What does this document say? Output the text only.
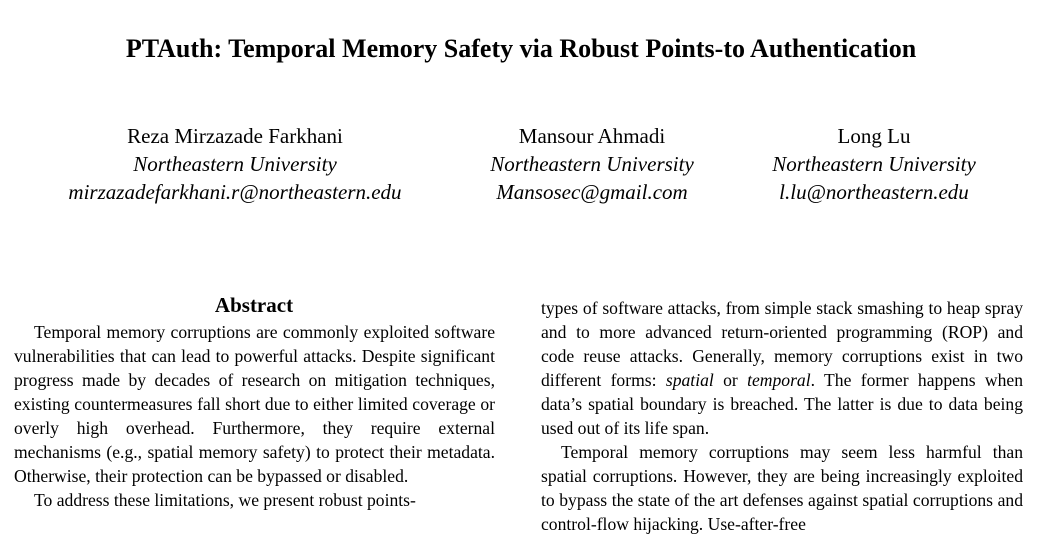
PTAuth: Temporal Memory Safety via Robust Points-to Authentication
Reza Mirzazade Farkhani
Northeastern University
mirzazadefarkhani.r@northeastern.edu
Mansour Ahmadi
Northeastern University
Mansosec@gmail.com
Long Lu
Northeastern University
l.lu@northeastern.edu
Abstract

Temporal memory corruptions are commonly exploited software vulnerabilities that can lead to powerful attacks. Despite significant progress made by decades of research on mitigation techniques, existing countermeasures fall short due to either limited coverage or overly high overhead. Furthermore, they require external mechanisms (e.g., spatial memory safety) to protect their metadata. Otherwise, their protection can be bypassed or disabled.

To address these limitations, we present robust points-

types of software attacks, from simple stack smashing to heap spray and to more advanced return-oriented programming (ROP) and code reuse attacks. Generally, memory corruptions exist in two different forms: spatial or temporal. The former happens when data’s spatial boundary is breached. The latter is due to data being used out of its life span.

Temporal memory corruptions may seem less harmful than spatial corruptions. However, they are being increasingly exploited to bypass the state of the art defenses against spatial corruptions and control-flow hijacking. Use-after-free
